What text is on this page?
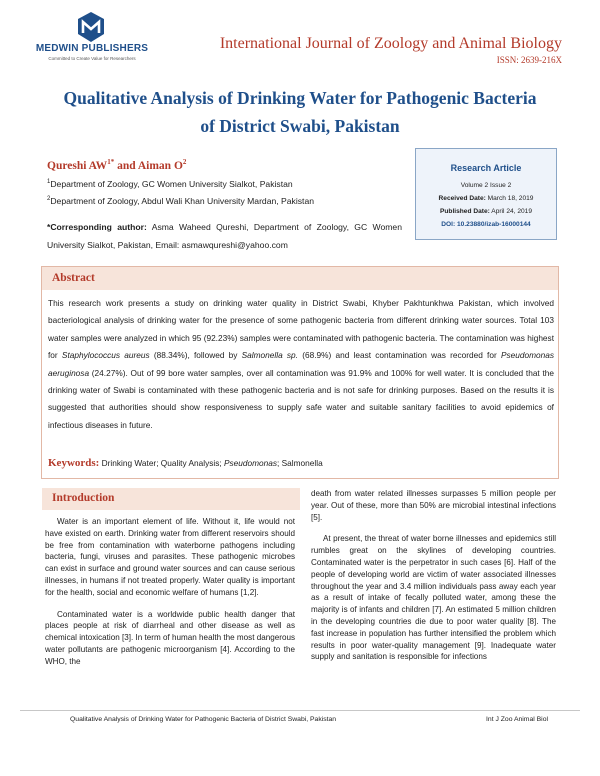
MEDWIN PUBLISHERS
Committed to Create Value for Researchers
International Journal of Zoology and Animal Biology
ISSN: 2639-216X
Qualitative Analysis of Drinking Water for Pathogenic Bacteria
of District Swabi, Pakistan
Qureshi $AW^{1*}$ and Aiman $O^2$
$^1$Department of Zoology, GC Women University Sialkot, Pakistan
$^2$Department of Zoology, Abdul Wali Khan University Mardan, Pakistan
*Corresponding author: Asma Waheed Qureshi, Department of Zoology, GC Women University Sialkot, Pakistan, Email: asmawqureshi@yahoo.com
Research Article
Volume 2 Issue 2
Received Date: March 18, 2019
Published Date: April 24, 2019
DOI: 10.23880/izab-16000144
Abstract
This research work presents a study on drinking water quality in District Swabi, Khyber Pakhtunkhwa Pakistan, which involved bacteriological analysis of drinking water for the presence of some pathogenic bacteria from different drinking water sources. Total 103 water samples were analyzed in which 95 (92.23%) samples were contaminated with pathogenic bacteria. The contamination was highest for Staphylococcus aureus (88.34%), followed by Salmonella sp. (68.9%) and least contamination was recorded for Pseudomonas aeruginosa (24.27%). Out of 99 bore water samples, over all contamination was 91.9% and 100% for well water. It is concluded that the drinking water of Swabi is contaminated with these pathogenic bacteria and is not safe for drinking purposes. Based on the results it is suggested that authorities should show responsiveness to supply safe water and suitable sanitary facilities to avoid epidemics of infectious diseases in future.
Keywords: Drinking Water; Quality Analysis; Pseudomonas; Salmonella
Introduction

Water is an important element of life. Without it, life would not have existed on earth. Drinking water from different reservoirs should be free from contamination with waterborne pathogens including bacteria, fungi, viruses and parasites. These pathogenic microbes can exist in surface and ground water sources and can cause serious illnesses, in humans if not treated properly. Water quality is important for the health, social and economic welfare of humans [1,2].

Contaminated water is a worldwide public health danger that places people at risk of diarrheal and other disease as well as chemical intoxication [3]. In term of human health the most dangerous water pollutants are pathogenic microorganism [4]. According to the WHO, the

death from water related illnesses surpasses 5 million people per year. Out of these, more than 50% are microbial intestinal infections [5].

At present, the threat of water borne illnesses and epidemics still rumbles great on the skylines of developing countries. Contaminated water is the perpetrator in such cases [6]. Half of the people of developing world are victim of water associated illnesses throughout the year and 3.4 million individuals pass away each year as a result of intake of fecally polluted water, among these the majority is of infants and children [7]. An estimated 5 million children in the developing countries die due to poor water quality [8]. The fast increase in population has further intensified the problem which results in poor water-quality management [9]. Inadequate water supply and sanitation is responsible for infections

Qualitative Analysis of Drinking Water for Pathogenic Bacteria of District Swabi, Pakistan	Int J Zoo Animal Biol
